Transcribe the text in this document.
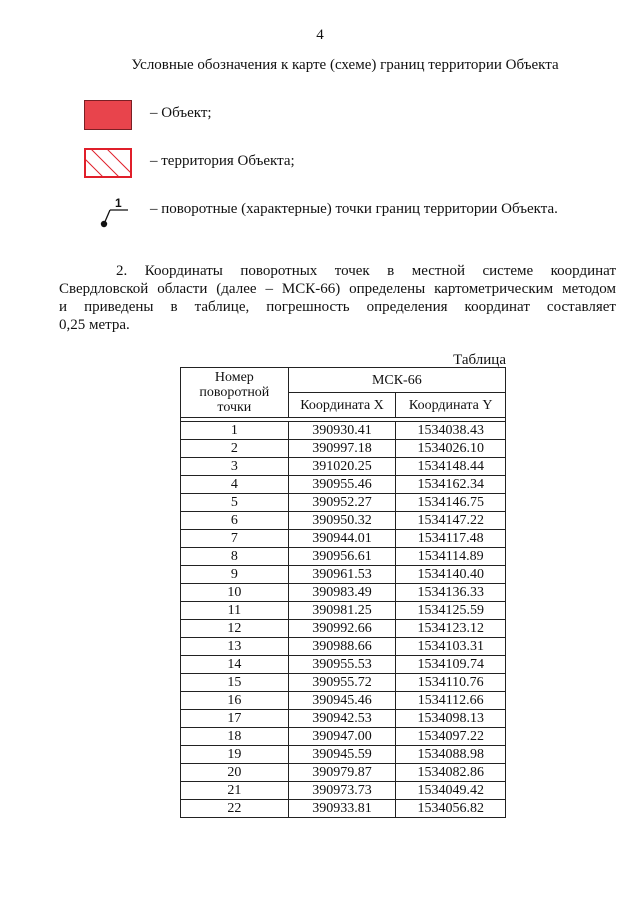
4
Условные обозначения к карте (схеме) границ территории Объекта
– Объект;
– территория Объекта;
1 – поворотные (характерные) точки границ территории Объекта.
2. Координаты поворотных точек в местной системе координат
Свердловской области (далее – МСК-66) определены картометрическим методом
и приведены в таблице, погрешность определения координат составляет
0,25 метра.
Таблица
Номер поворотной точки	МСК-66	
	Координата X	Координата Y

1	390930.41	1534038.43
2	390997.18	1534026.10
3	391020.25	1534148.44
4	390955.46	1534162.34
5	390952.27	1534146.75
6	390950.32	1534147.22
7	390944.01	1534117.48
8	390956.61	1534114.89
9	390961.53	1534140.40
10	390983.49	1534136.33
11	390981.25	1534125.59
12	390992.66	1534123.12
13	390988.66	1534103.31
14	390955.53	1534109.74
15	390955.72	1534110.76
16	390945.46	1534112.66
17	390942.53	1534098.13
18	390947.00	1534097.22
19	390945.59	1534088.98
20	390979.87	1534082.86
21	390973.73	1534049.42
22	390933.81	1534056.82
